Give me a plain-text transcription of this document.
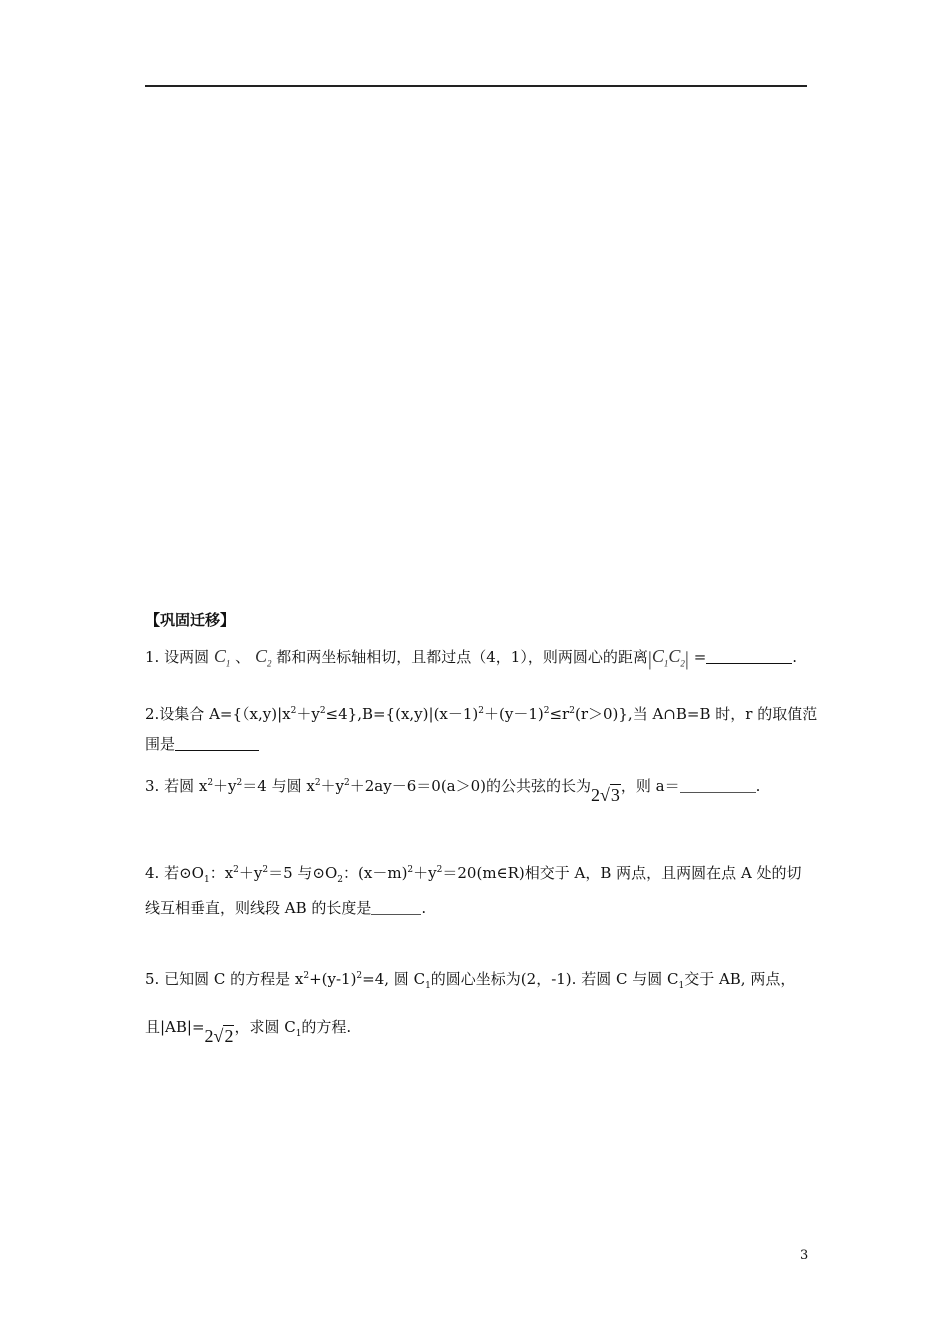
【巩固迁移】
1. 设两圆 $C_1$ 、 $C_2$ 都和两坐标轴相切，且都过点（4，1），则两圆心的距离$|C_1C_2|$ =	.
2.设集合 $A=\{(x,y)|x^2+y^2\le 4\},B=\{(x,y)|(x-1)^2+(y-1)^2\le r^2(r>0)\}$,当 A∩B=B 时，r 的取值范
围是
3. 若圆 $x^2+y^2=4$ 与圆 $x^2+y^2+2ay-6=0(a>0)$的公共弦的长为2√3，则 a＝	.
4. 若$⊙O_1$：$x^2+y^2=5$ 与$⊙O_2$：$(x-m)^2+y^2=20(m\in R)$相交于 A，B 两点，且两圆在点 A 处的切
线互相垂直，则线段 AB 的长度是	.
5. 已知圆 C 的方程是 $x^2+(y-1)^2=4$, 圆 $C_1$的圆心坐标为(2，-1). 若圆 C 与圆 $C_1$交于 AB, 两点，
且|AB|=2√2，求圆 $C_1$的方程.
3
